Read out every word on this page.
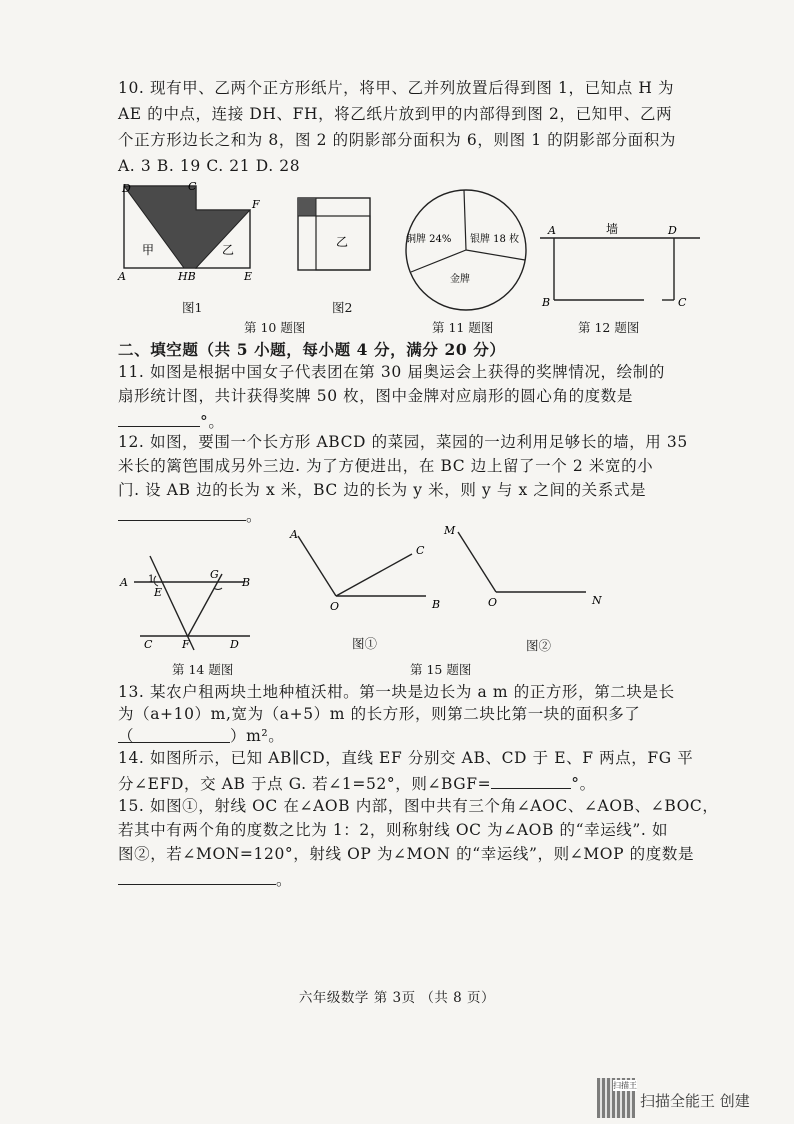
10. 现有甲、乙两个正方形纸片，将甲、乙并列放置后得到图 1，已知点 H 为
AE 的中点，连接 DH、FH，将乙纸片放到甲的内部得到图 2，已知甲、乙两
个正方形边长之和为 8，图 2 的阴影部分面积为 6，则图 1 的阴影部分面积为
A. 3 B. 19 C. 21 D. 28
D	C
F
A	HB	E
甲	乙
乙
图1	图2
第 10 题图
铜牌 24% 银牌 18 枚
金牌
第 11 题图
A	墙	D
B	C
第 12 题图
二、填空题（共 5 小题，每小题 4 分，满分 20 分）
11. 如图是根据中国女子代表团在第 30 届奥运会上获得的奖牌情况，绘制的
扇形统计图，共计获得奖牌 50 枚，图中金牌对应扇形的圆心角的度数是
°。
12. 如图，要围一个长方形 ABCD 的菜园，菜园的一边利用足够长的墙，用 35
米长的篱笆围成另外三边. 为了方便进出，在 BC 边上留了一个 2 米宽的小
门. 设 AB 边的长为 x 米，BC 边的长为 y 米，则 y 与 x 之间的关系式是
。
A 1
E
G
B
C	F	D
第 14 题图
A
C
O	B
图①
M
O	N
图②
第 15 题图
13. 某农户租两块土地种植沃柑。第一块是边长为 a m 的正方形，第二块是长
为（a+10）m,宽为（a+5）m 的长方形，则第二块比第一块的面积多了
（	）m²。
14. 如图所示，已知 AB∥CD，直线 EF 分别交 AB、CD 于 E、F 两点，FG 平
分∠EFD，交 AB 于点 G. 若∠1=52°，则∠BGF=	°。
15. 如图①，射线 OC 在∠AOB 内部，图中共有三个角∠AOC、∠AOB、∠BOC，
若其中有两个角的度数之比为 1：2，则称射线 OC 为∠AOB 的“幸运线”. 如
图②，若∠MON=120°，射线 OP 为∠MON 的“幸运线”，则∠MOP 的度数是
。
六年级数学 第 3页 （共 8 页）
扫描王
扫描全能王 创建
